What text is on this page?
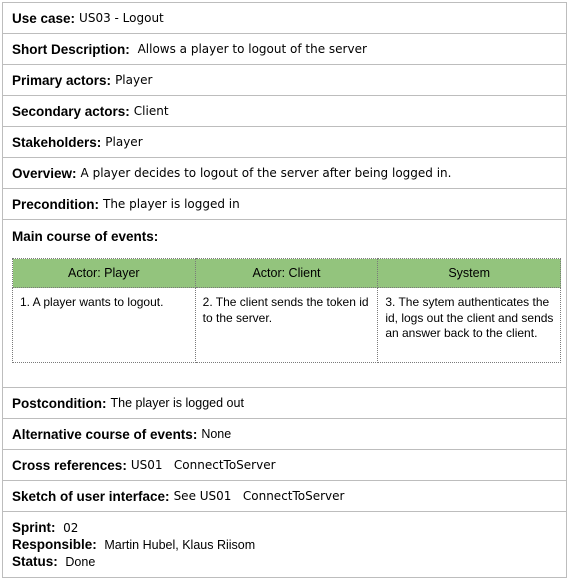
Use case: US03 - Logout
Short Description: Allows a player to logout of the server
Primary actors: Player
Secondary actors: Client
Stakeholders: Player
Overview: A player decides to logout of the server after being logged in.
Precondition: The player is logged in
Main course of events:
Actor: Player	Actor: Client	System
1. A player wants to logout.	2. The client sends the token id to the server.	3. The sytem authenticates the id, logs out the client and sends an answer back to the client.
Postcondition: The player is logged out
Alternative course of events: None
Cross references: US01   ConnectToServer
Sketch of user interface: See US01   ConnectToServer
Sprint: 02
Responsible: Martin Hubel, Klaus Riisom
Status: Done
